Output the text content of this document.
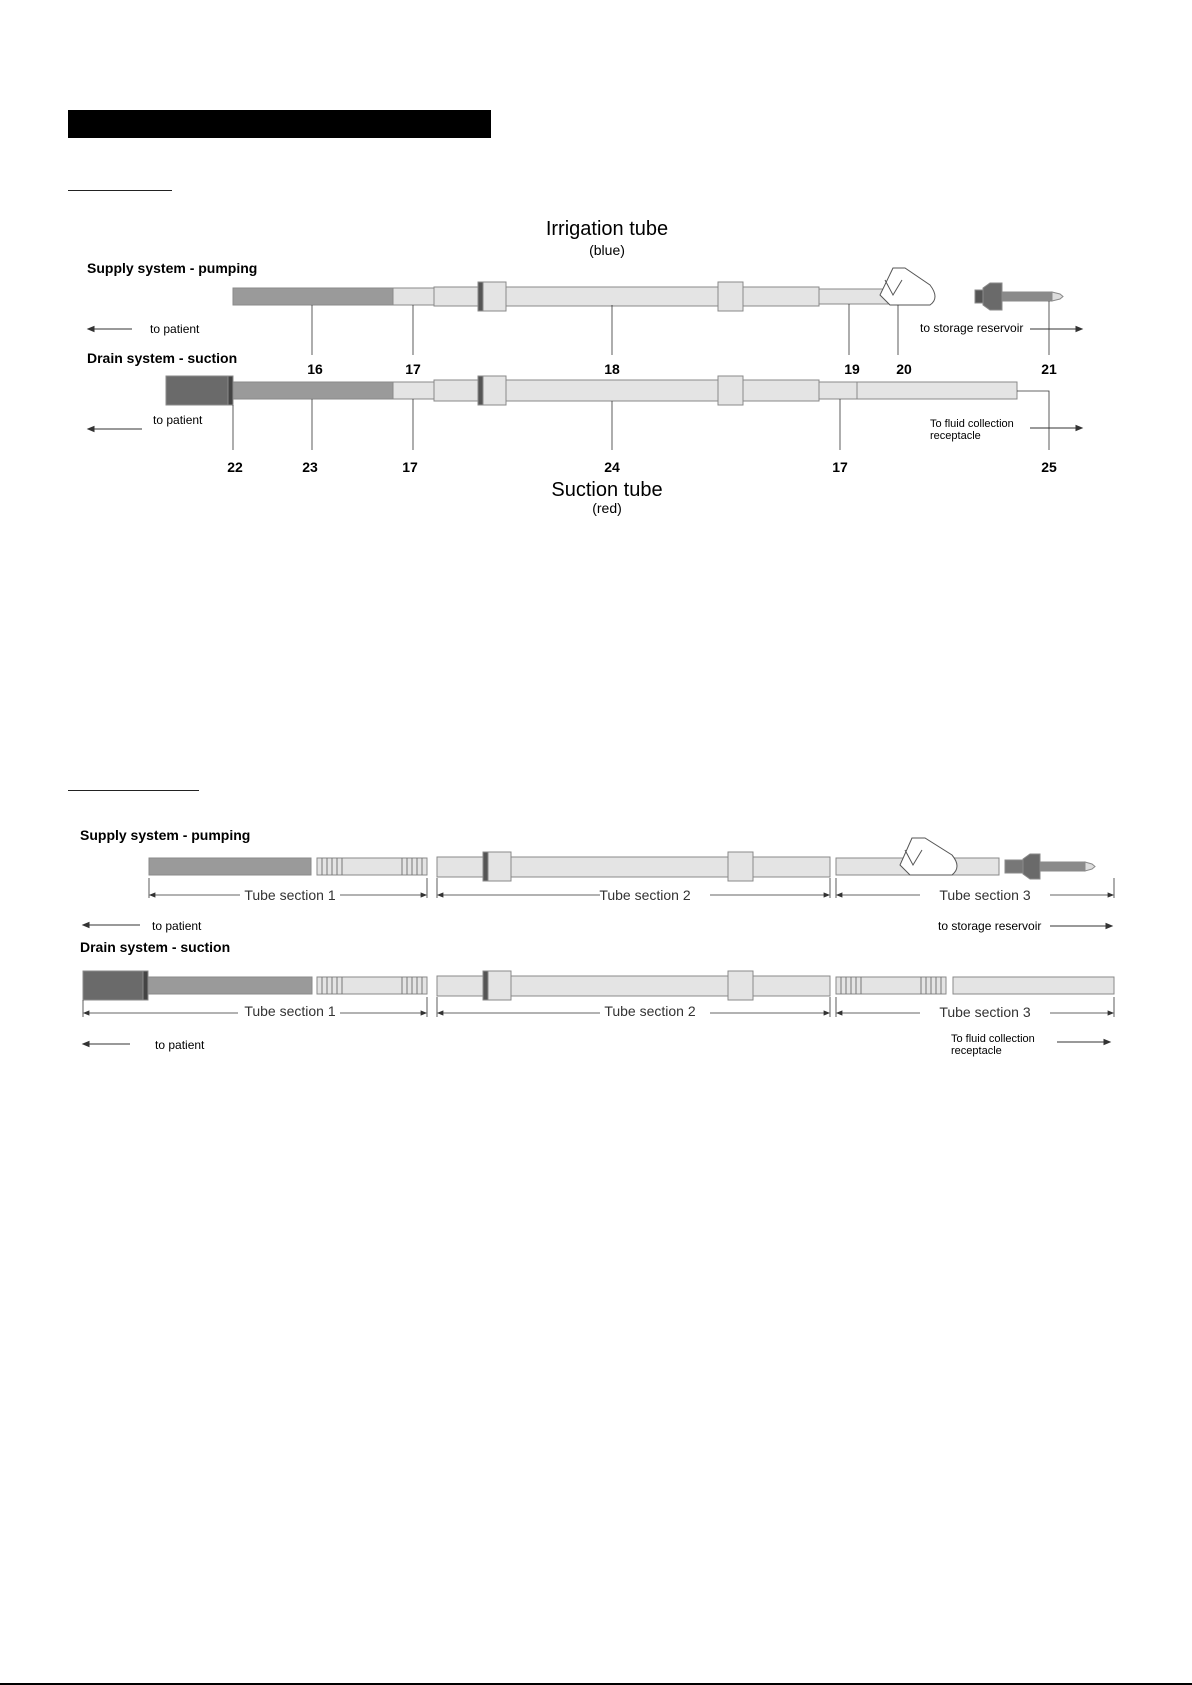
Irrigation tube
(blue)
Supply system - pumping
to patient	to storage reservoir
16	17	18	19	20	21
Drain system - suction
to patient	To fluid collection
receptacle
22	23	17	24	17	25
Suction tube
(red)
Supply system - pumping
Tube section 1	Tube section 2	Tube section 3
to patient	to storage reservoir
Drain system - suction
Tube section 1	Tube section 2	Tube section 3
to patient	To fluid collection
receptacle
